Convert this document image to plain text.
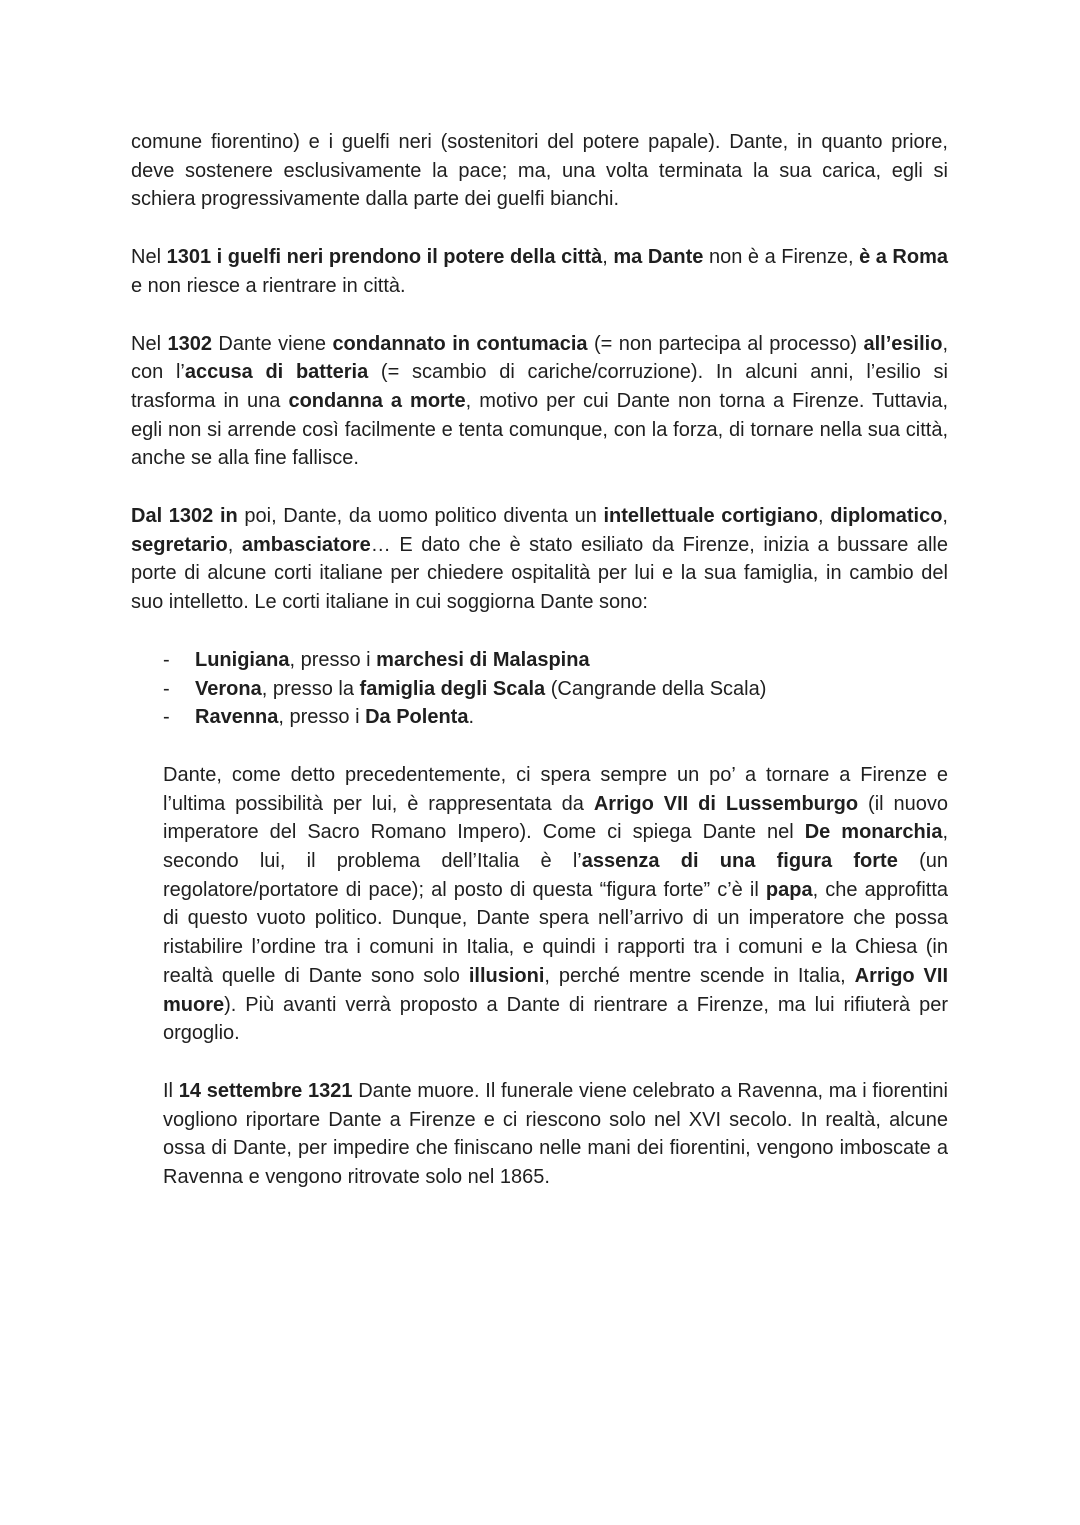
comune fiorentino) e i guelfi neri (sostenitori del potere papale). Dante, in quanto priore, deve sostenere esclusivamente la pace; ma, una volta terminata la sua carica, egli si schiera progressivamente dalla parte dei guelfi bianchi.

Nel 1301 i guelfi neri prendono il potere della città, ma Dante non è a Firenze, è a Roma e non riesce a rientrare in città.

Nel 1302 Dante viene condannato in contumacia (= non partecipa al processo) all’esilio, con l’accusa di batteria (= scambio di cariche/corruzione). In alcuni anni, l’esilio si trasforma in una condanna a morte, motivo per cui Dante non torna a Firenze. Tuttavia, egli non si arrende così facilmente e tenta comunque, con la forza, di tornare nella sua città, anche se alla fine fallisce.

Dal 1302 in poi, Dante, da uomo politico diventa un intellettuale cortigiano, diplomatico, segretario, ambasciatore… E dato che è stato esiliato da Firenze, inizia a bussare alle porte di alcune corti italiane per chiedere ospitalità per lui e la sua famiglia, in cambio del suo intelletto. Le corti italiane in cui soggiorna Dante sono:

- Lunigiana, presso i marchesi di Malaspina
- Verona, presso la famiglia degli Scala (Cangrande della Scala)
- Ravenna, presso i Da Polenta.

Dante, come detto precedentemente, ci spera sempre un po’ a tornare a Firenze e l’ultima possibilità per lui, è rappresentata da Arrigo VII di Lussemburgo (il nuovo imperatore del Sacro Romano Impero). Come ci spiega Dante nel De monarchia, secondo lui, il problema dell’Italia è l’assenza di una figura forte (un regolatore/portatore di pace); al posto di questa “figura forte” c’è il papa, che approfitta di questo vuoto politico. Dunque, Dante spera nell’arrivo di un imperatore che possa ristabilire l’ordine tra i comuni in Italia, e quindi i rapporti tra i comuni e la Chiesa (in realtà quelle di Dante sono solo illusioni, perché mentre scende in Italia, Arrigo VII muore). Più avanti verrà proposto a Dante di rientrare a Firenze, ma lui rifiuterà per orgoglio.

Il 14 settembre 1321 Dante muore. Il funerale viene celebrato a Ravenna, ma i fiorentini vogliono riportare Dante a Firenze e ci riescono solo nel XVI secolo. In realtà, alcune ossa di Dante, per impedire che finiscano nelle mani dei fiorentini, vengono imboscate a Ravenna e vengono ritrovate solo nel 1865.
